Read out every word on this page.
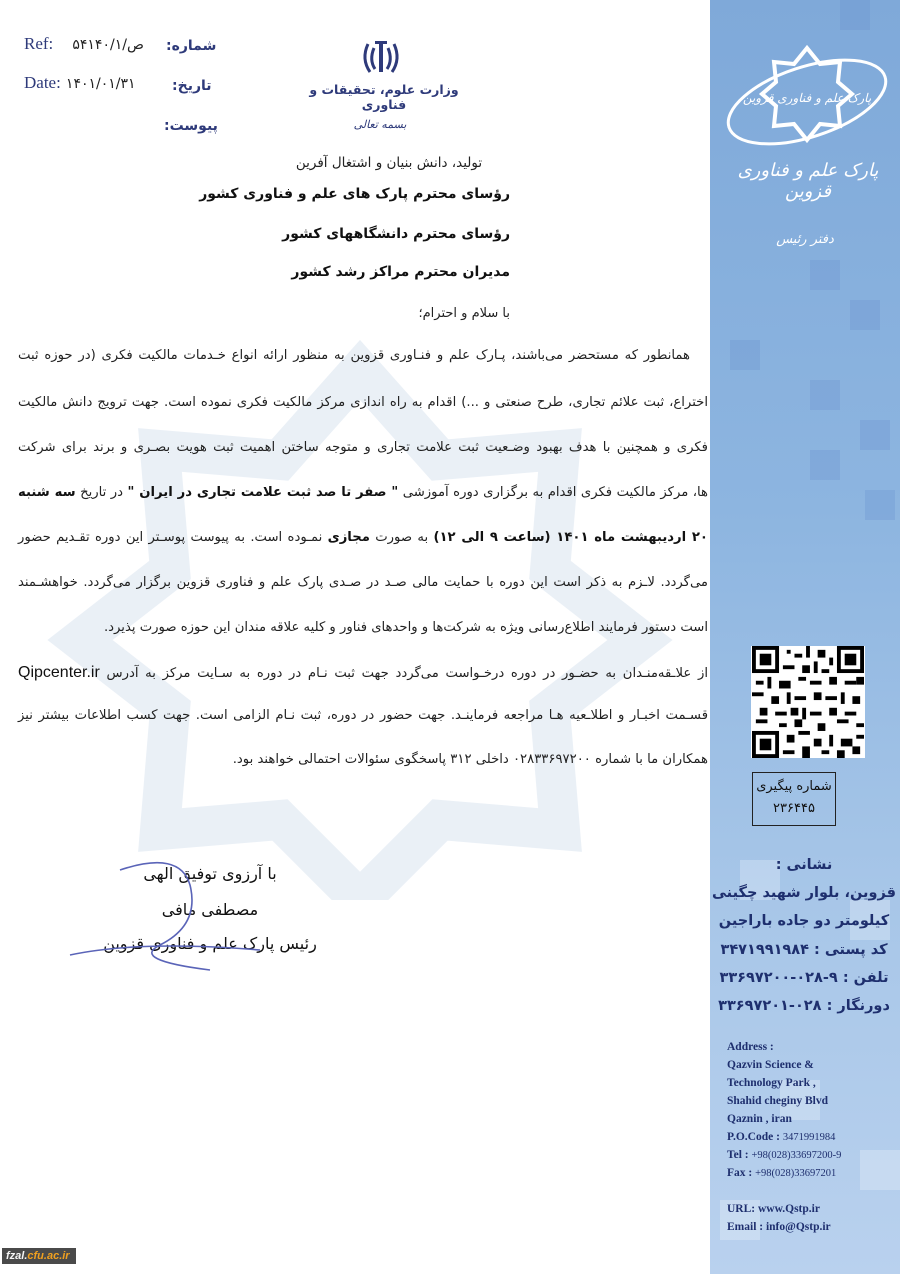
Ref: ۵۴۱۴۰/ص/۱ شماره:
Date: ۱۴۰۱/۰۱/۳۱	تاریخ:
پیوست:
وزارت علوم، تحقیقات و فناوری
بسمه تعالی
تولید، دانش بنیان و اشتغال آفرین
رؤسای محترم پارک های علم و فناوری کشور
رؤسای محترم دانشگاههای کشور
مدیران محترم مراکز رشد کشور
با سلام و احترام؛
همانطور که مستحضر می‌باشند، پـارک علم و فنـاوری قزوین به منظور ارائه انواع خـدمات مالکیت فکری (در حوزه ثبت
اختراع، ثبت علائم تجاری، طرح صنعتی و ...) اقدام به راه اندازی مرکز مالکیت فکری نموده است. جهت ترویج دانش مالکیت
فکری و همچنین با هدف بهبود وضـعیت ثبت علامت تجاری و متوجه ساختن اهمیت ثبت هویت بصـری و برند برای شرکت
ها، مرکز مالکیت فکری اقدام به برگزاری دوره آموزشی " صفر تا صد ثبت علامت تجاری در ایران " در تاریخ سه شنبه
۲۰ اردیبهشت ماه ۱۴۰۱ (ساعت ۹ الی ۱۲) به صورت مجازی نمـوده است. به پیوست پوسـتر این دوره تقـدیم حضور
می‌گردد. لاـزم به ذکر است این دوره با حمایت مالی صـد در صـدی پارک علم و فناوری قزوین برگزار می‌گردد. خواهشـمند
است دستور فرمایند اطلاع‌رسانی ویژه به شرکت‌ها و واحدهای فناور و کلیه علاقه مندان این حوزه صورت پذیرد.
از علاـقه‌منـدان به حضـور در دوره درخـواست می‌گردد جهت ثبت نـام در دوره به سـایت مرکز به آدرس Qipcenter.ir
قسـمت اخبـار و اطلاـعیه هـا مراجعه فرماینـد. جهت حضور در دوره، ثبت نـام الزامی است. جهت کسب اطلاعات بیشتر نیز
همکاران ما با شماره ۰۲۸۳۳۶۹۷۲۰۰ داخلی ۳۱۲ پاسخگوی سئوالات احتمالی خواهند بود.
با آرزوی توفیق الهی
مصطفی مافی
رئیس پارک علم و فناوری قزوین
fzal.cfu.ac.ir
پارک علم و فناوری قزوین
پارک علم و فناوری قزوین
دفتر رئیس
شماره پیگیری
۲۳۶۴۴۵
نشانی :
قزوین، بلوار شهید چگینی
کیلومتر دو جاده باراجین
کد پستی : ۳۴۷۱۹۹۱۹۸۴
تلفن : ۹-۰۲۸-۳۳۶۹۷۲۰۰
دورنگار : ۰۲۸-۳۳۶۹۷۲۰۱
Address :
Qazvin Science &
Technology Park ,
Shahid cheginy Blvd
Qaznin , iran
P.O.Code : 3471991984
Tel : +98(028)33697200-9
Fax : +98(028)33697201
URL: www.Qstp.ir
Email : info@Qstp.ir
